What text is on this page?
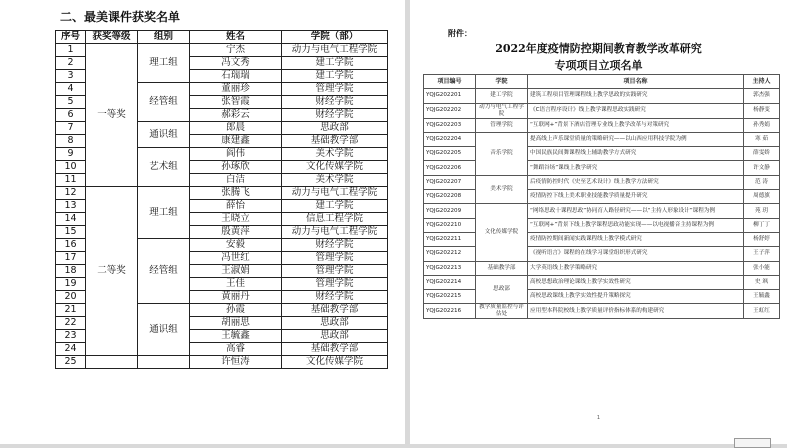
二、最美课件获奖名单
序号	获奖等级	组别	姓名	学院（部）
1	一等奖	理工组	宁杰	动力与电气工程学院
2			冯文秀	建工学院
3			石瑞瑞	建工学院
4		经管组	董丽珍	管理学院
5			张智霞	财经学院
6			郝彩云	财经学院
7		通识组	郎晨	思政部
8			康建鑫	基础教学部
9		艺术组	阎伟	美术学院
10			孙琢欣	文化传媒学院
11			白洁	美术学院
12	二等奖	理工组	张腾飞	动力与电气工程学院
13			薛怡	建工学院
14			王晓立	信息工程学院
15			殷黄萍	动力与电气工程学院
16		经管组	安毅	财经学院
17			冯世红	管理学院
18			王淑娟	管理学院
19			王佳	管理学院
20			黄丽丹	财经学院
21		通识组	孙霞	基础教学部
22			胡丽思	思政部
23			王毓鑫	思政部
24			高睿	基础教学部
25			许恒涛	文化传媒学院
附件：
2022年度疫情防控期间教育教学改革研究
专项项目立项名单
项目编号	学院	项目名称	主持人
YQJG202201	建工学院	建筑工程项目管理课程线上教学思政的实践研究	郭杰强
YQJG202202	动力与电气工程学院	《C语言程序设计》线上教学课程思政实践研究	杨静变
YQJG202203	管理学院	“互联网+”背景下酒店管理专业线上教学改革与对策研究	孙秀娟
YQJG202204	音乐学院	提高线上声乐课堂质量的策略研究——以山西应用科技学院为例	寒 茹
YQJG202205		中国民族民间舞课程线上辅助教学方式研究	薛雯娇
YQJG202206		“舞蹈谷场”课线上教学研究	许文静
YQJG202207	美术学院	后疫情防控时代《史至艺术设计》线上教学方法研究	范 涛
YQJG202208		疫情防控下线上美术职业技能教学质量提升研究	周德旗
YQJG202209	文化传媒学院	“网络思政十课程思政”协同育人路径研究——以“主持人形象设计”课程为例	苑 玥
YQJG202210		“互联网+”背景下线上教学课程思政功能实现——以电视播音主持课程为例	柳丁丁
YQJG202211		疫情防控期间新闻实践课程线上教学模式研究	杨舒婷
YQJG202212		《视听语言》课程的在线学习课堂组织形式研究	王子萍
YQJG202213	基础教学部	大学英语线上教学策略研究	张小能
YQJG202214	思政部	高校思想政治理论课线上教学实效性研究	史 飒
YQJG202215		高校思政课线上教学实效性提升策略探究	王毓鑫
YQJG202216	教学质量监控与评估处	应用型本科院校线上教学质量评价指标体系的构建研究	王虹红
1
